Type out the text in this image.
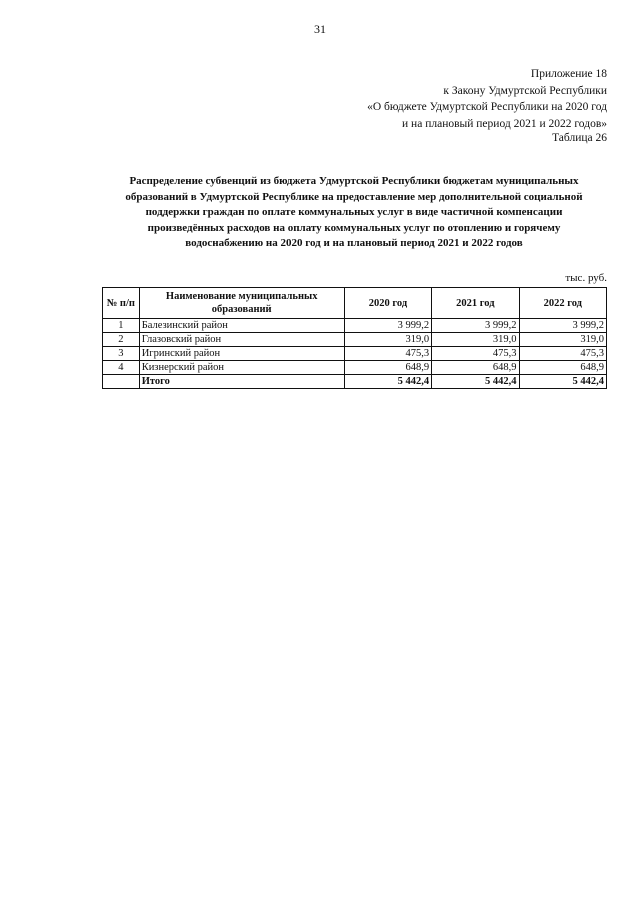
31
Приложение 18
к Закону Удмуртской Республики
«О бюджете Удмуртской Республики на 2020 год
и на плановый период 2021 и 2022 годов»
Таблица 26
Распределение субвенций из бюджета Удмуртской Республики бюджетам муниципальных
образований в Удмуртской Республике на предоставление мер дополнительной социальной
поддержки граждан по оплате коммунальных услуг в виде частичной компенсации
произведённых расходов на оплату коммунальных услуг по отоплению и горячему
водоснабжению на 2020 год и на плановый период 2021 и 2022 годов
тыс. руб.
№ п/п	Наименование муниципальных образований	2020 год	2021 год	2022 год
1	Балезинский район	3 999,2	3 999,2	3 999,2
2	Глазовский район	319,0	319,0	319,0
3	Игринский район	475,3	475,3	475,3
4	Кизнерский район	648,9	648,9	648,9
	Итого	5 442,4	5 442,4	5 442,4
